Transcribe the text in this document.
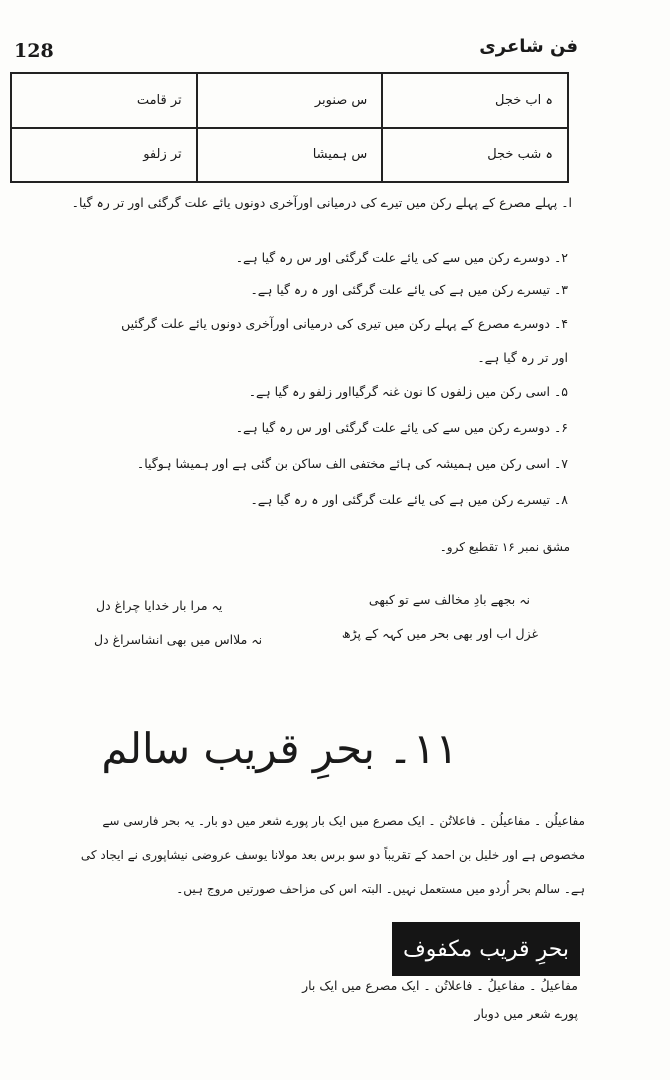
128	فن شاعری
تر قامت	س صنوبر	ہ اب خجل
تر زلفو	س ہمیشا	ہ شب خجل
ا۔ پہلے مصرع کے پہلے رکن میں تیرے کی درمیانی اورآخری دونوں یائے علت گرگئی اور تر رہ گیا۔
۲۔ دوسرے رکن میں سے کی یائے علت گرگئی اور س رہ گیا ہے۔
۳۔ تیسرے رکن میں ہے کی یائے علت گرگئی اور ہ رہ گیا ہے۔
۴۔ دوسرے مصرع کے پہلے رکن میں تیری کی درمیانی اورآخری دونوں یائے علت گرگئیں
اور تر رہ گیا ہے۔
۵۔ اسی رکن میں زلفوں کا نون غنہ گرگیااور زلفو رہ گیا ہے۔
۶۔ دوسرے رکن میں سے کی یائے علت گرگئی اور س رہ گیا ہے۔
۷۔ اسی رکن میں ہمیشہ کی ہائے مختفی الف ساکن بن گئی ہے اور ہمیشا ہوگیا۔
۸۔ تیسرے رکن میں ہے کی یائے علت گرگئی اور ہ رہ گیا ہے۔
مشق نمبر ۱۶ تقطیع کرو۔
نہ بجھے بادِ مخالف سے تو کبھی
یہ مرا بار خدایا چراغ دل
غزل اب اور بھی بحر میں کہہ کے پڑھ
نہ ملااس میں بھی انشاسراغ دل
۱۱۔ بحرِ قریب سالم
مفاعیلُن ۔ مفاعیلُن ۔ فاعلاتُن ۔ ایک مصرع میں ایک بار پورے شعر میں دو بار۔ یہ بحر فارسی سے مخصوص ہے اور خلیل بن احمد کے تقریباً دو سو برس بعد مولانا یوسف عروضی نیشاپوری نے ایجاد کی ہے۔ سالم بحر اُردو میں مستعمل نہیں۔ البتہ اس کی مزاحف صورتیں مروج ہیں۔
بحرِ قریب مکفوف
مفاعیلُ ۔ مفاعیلُ ۔ فاعلاتُن ۔ ایک مصرع میں ایک بار
پورے شعر میں دوبار
